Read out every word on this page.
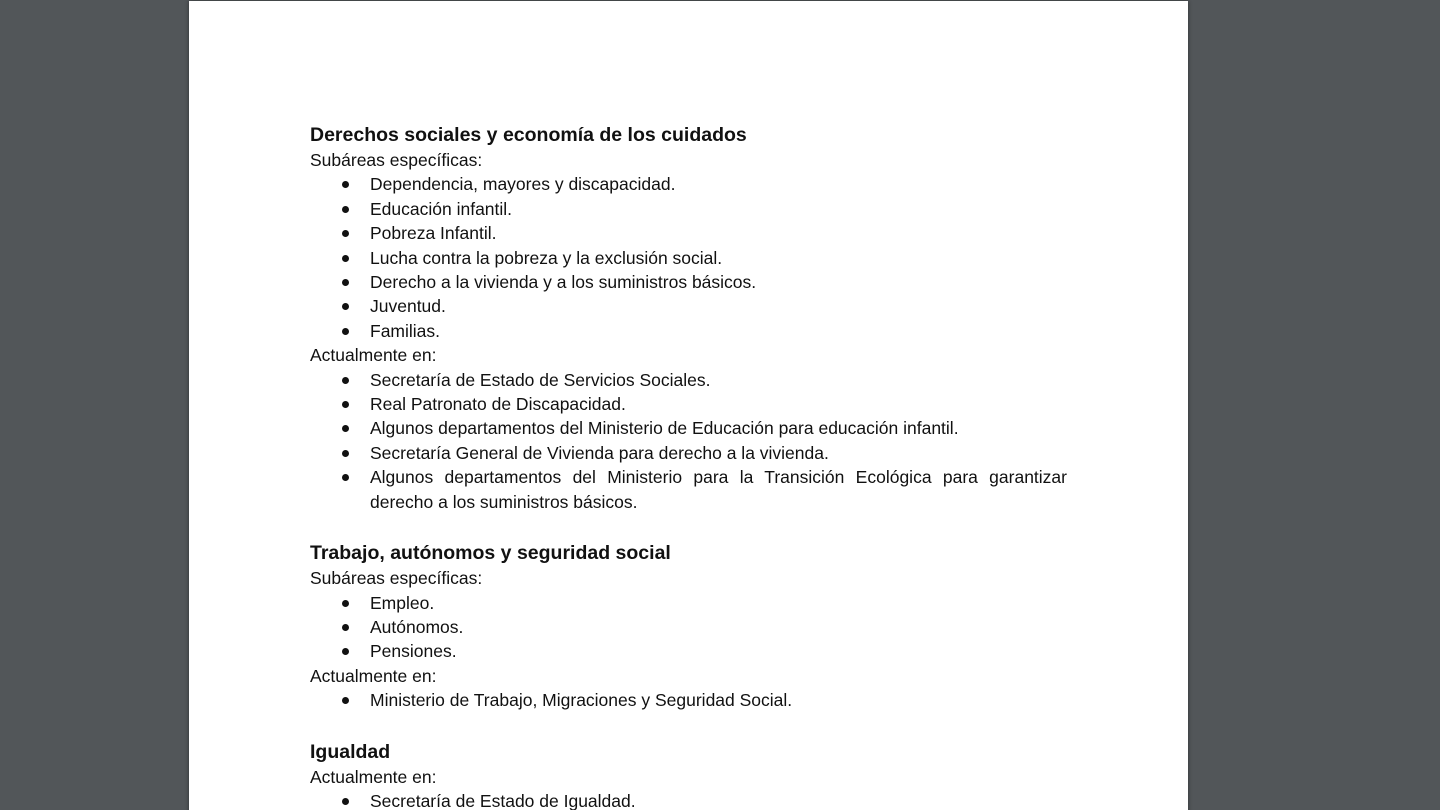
Derechos sociales y economía de los cuidados

Subáreas específicas:

Dependencia, mayores y discapacidad.
Educación infantil.
Pobreza Infantil.
Lucha contra la pobreza y la exclusión social.
Derecho a la vivienda y a los suministros básicos.
Juventud.
Familias.

Actualmente en:

Secretaría de Estado de Servicios Sociales.
Real Patronato de Discapacidad.
Algunos departamentos del Ministerio de Educación para educación infantil.
Secretaría General de Vivienda para derecho a la vivienda.
Algunos departamentos del Ministerio para la Transición Ecológica para garantizar derecho a los suministros básicos.

Trabajo, autónomos y seguridad social

Subáreas específicas:

Empleo.
Autónomos.
Pensiones.

Actualmente en:

Ministerio de Trabajo, Migraciones y Seguridad Social.

Igualdad

Actualmente en:

Secretaría de Estado de Igualdad.
